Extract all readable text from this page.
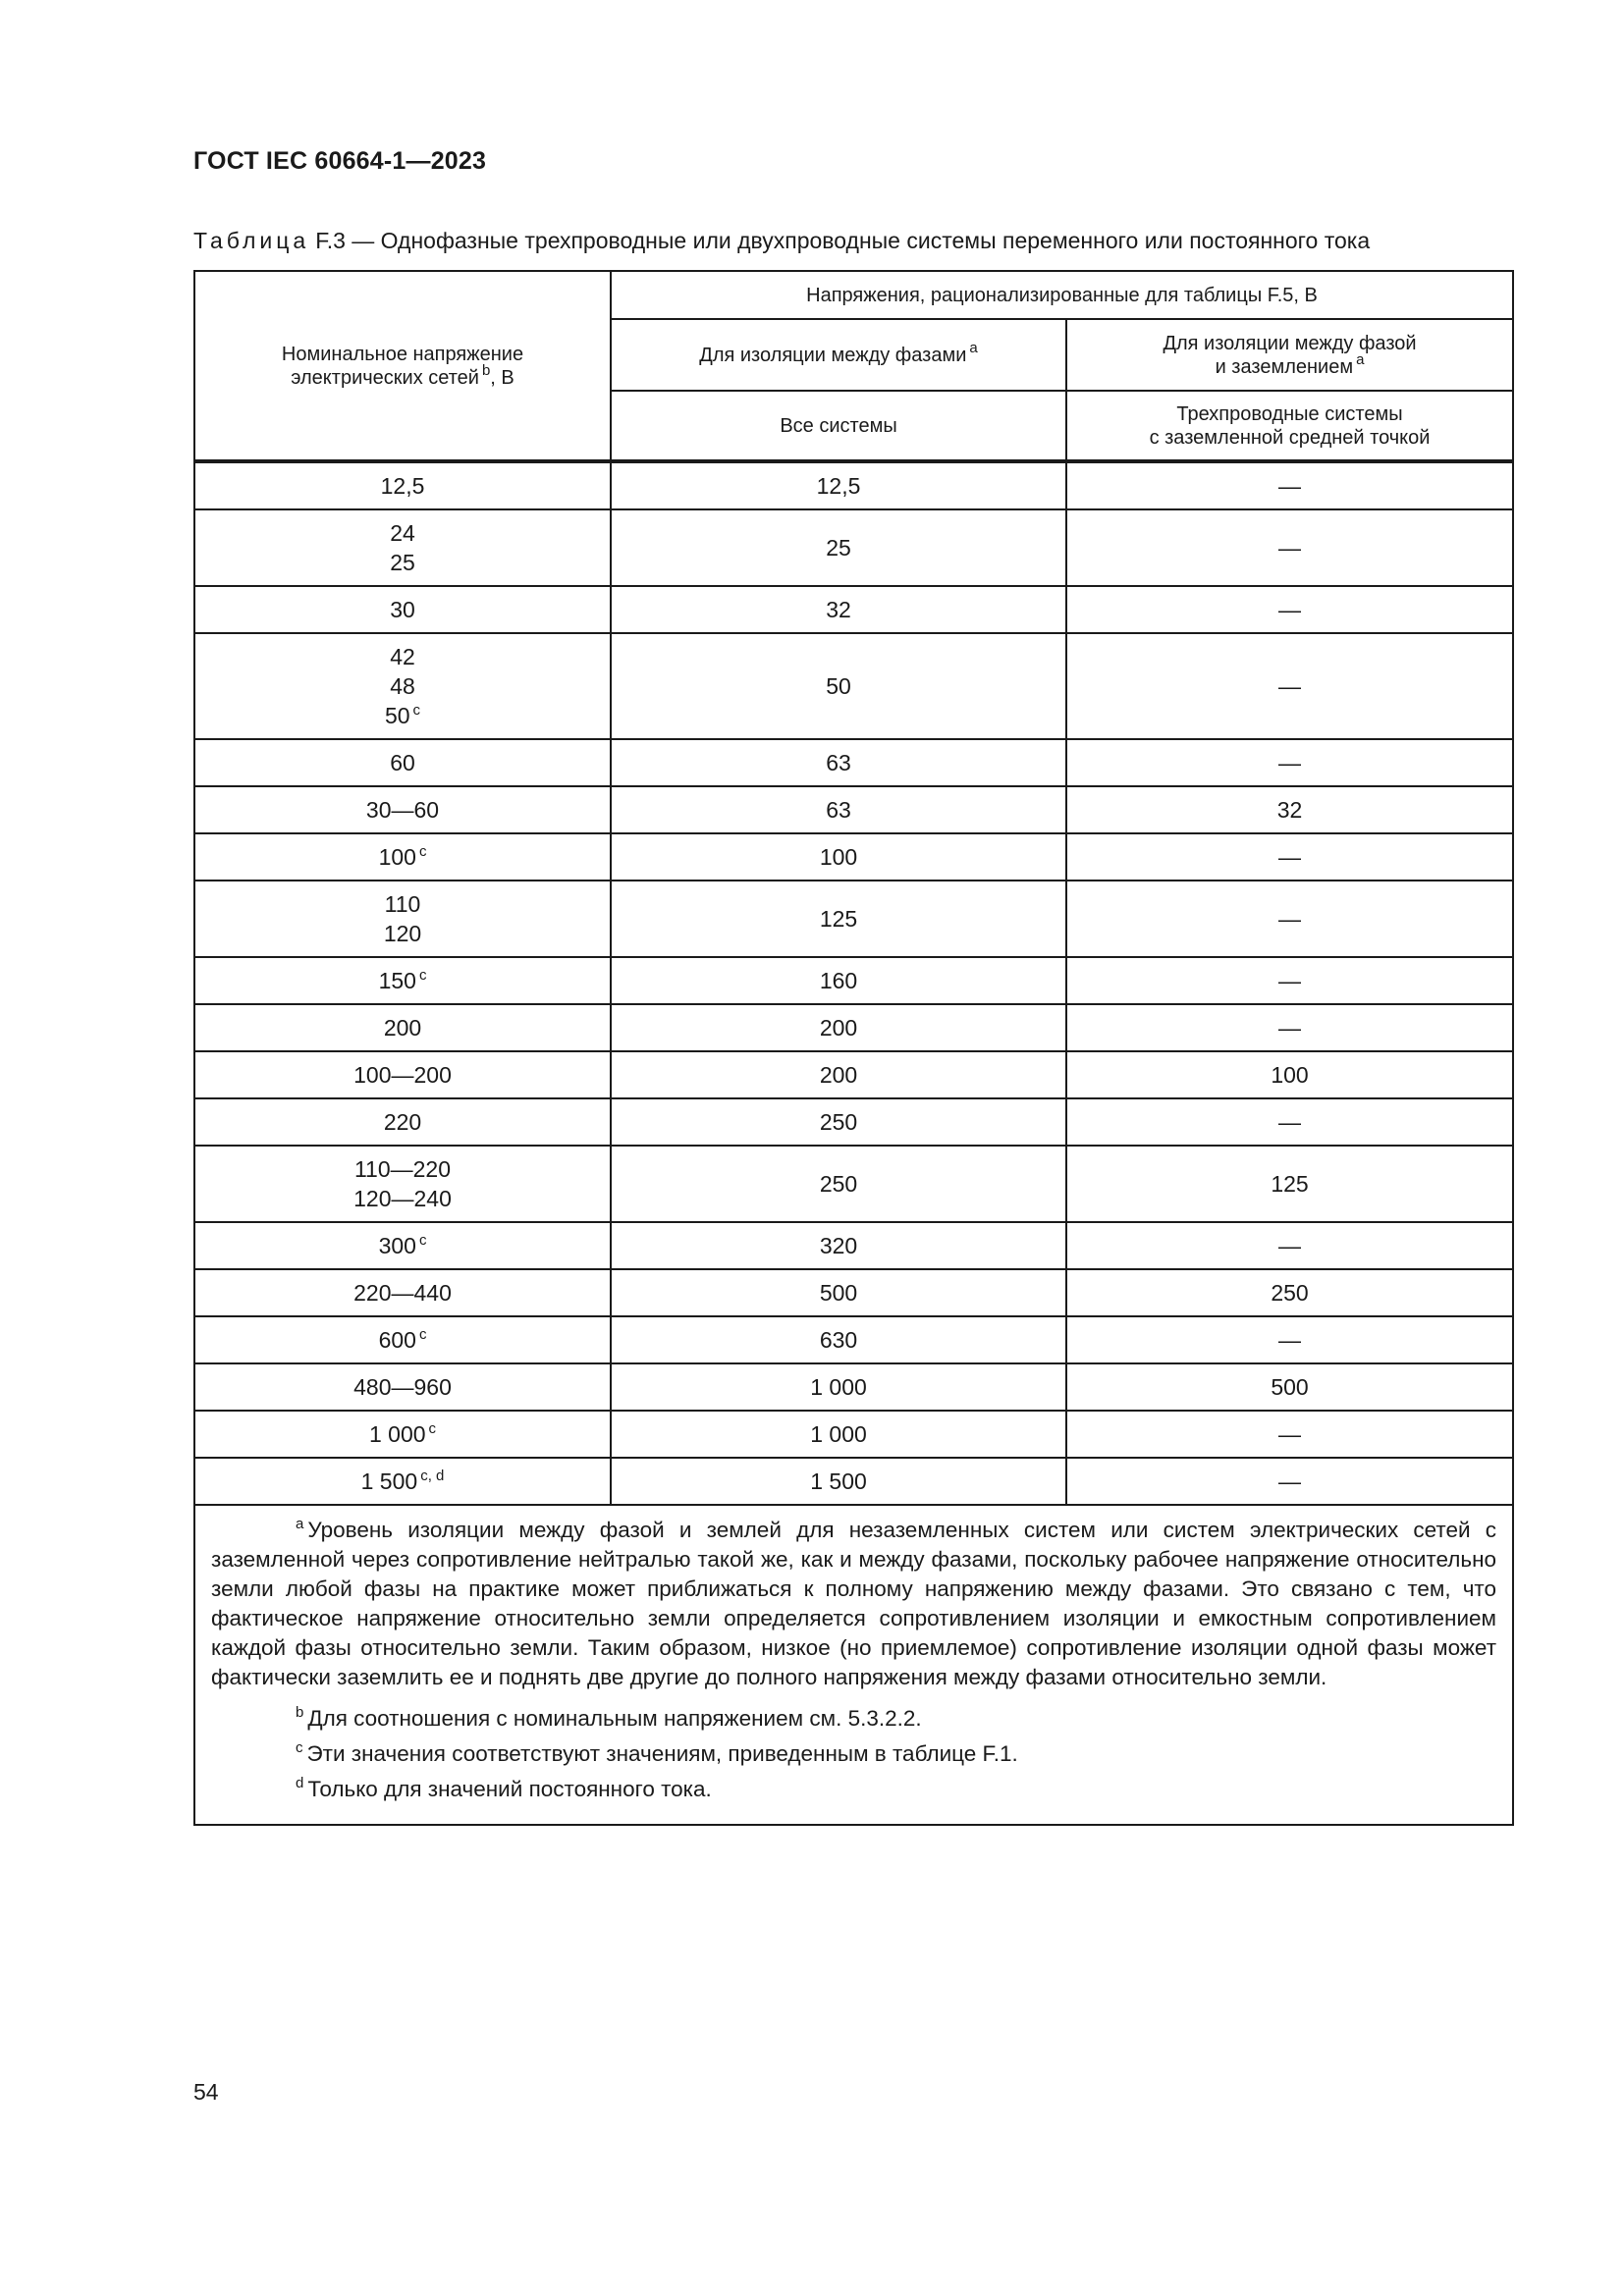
ГОСТ IEC 60664-1—2023
Таблица F.3 — Однофазные трехпроводные или двухпроводные системы переменного или постоянного тока
Номинальное напряжение
электрических сетей $^b$, В	Напряжения, рационализированные для таблицы F.5, В	
	Для изоляции между фазами $^a$	Для изоляции между фазой
и заземлением $^a$

	Все системы	Трехпроводные системы
с заземленной средней точкой

12,5	12,5	—

24
25	25	—

30	32	—

42
48
50 $^c$	50	—

60	63	—

30—60	63	32

100 $^c$	100	—

110
120	125	—

150 $^c$	160	—

200	200	—

100—200	200	100

220	250	—

110—220
120—240	250	125

300 $^c$	320	—

220—440	500	250

600 $^c$	630	—

480—960	1 000	500

1 000 $^c$	1 000	—

1 500 $^{c, d}$	1 500	—

$^a$ Уровень изоляции между фазой и землей для незаземленных систем или систем электрических сетей с заземленной через сопротивление нейтралью такой же, как и между фазами, поскольку рабочее напряжение относительно земли любой фазы на практике может приближаться к полному напряжению между фазами. Это связано с тем, что фактическое напряжение относительно земли определяется сопротивлением изоляции и емкостным сопротивлением каждой фазы относительно земли. Таким образом, низкое (но приемлемое) сопротивление изоляции одной фазы может фактически заземлить ее и поднять две другие до полного напряжения между фазами относительно земли.

$^b$ Для соотношения с номинальным напряжением см. 5.3.2.2.

$^c$ Эти значения соответствуют значениям, приведенным в таблице F.1.

$^d$ Только для значений постоянного тока.		

54
